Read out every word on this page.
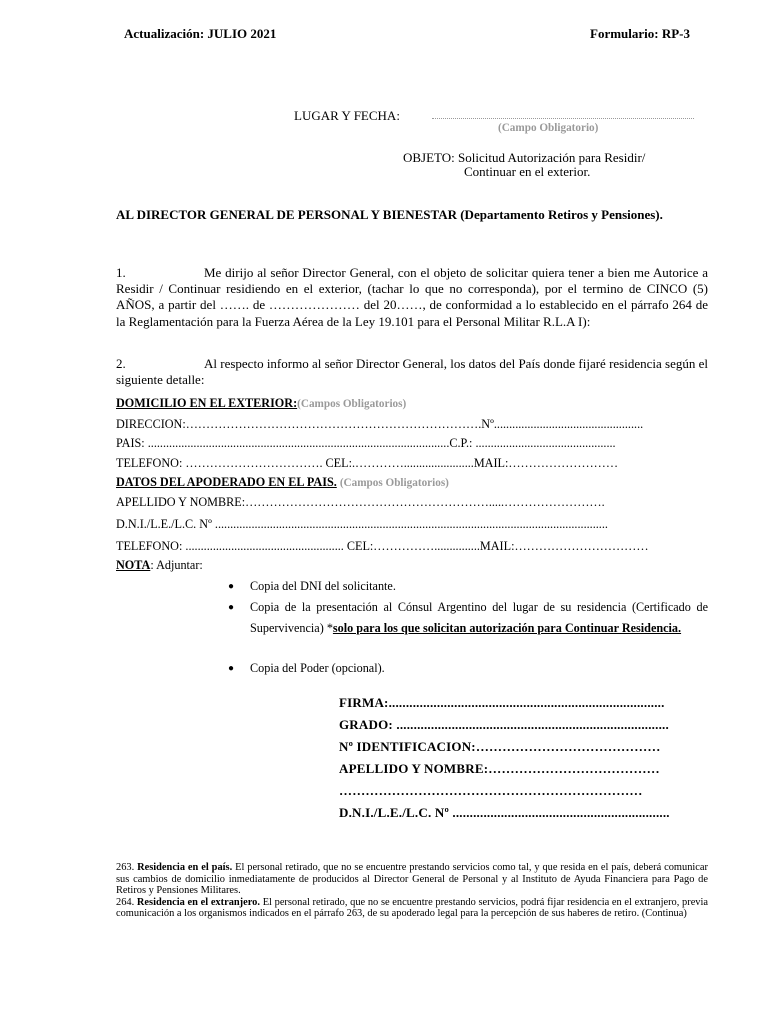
Actualización: JULIO 2021	Formulario: RP-3
LUGAR Y FECHA:
(Campo Obligatorio)
OBJETO: Solicitud Autorización para Residir/
Continuar en el exterior.
AL DIRECTOR GENERAL DE PERSONAL Y BIENESTAR (Departamento Retiros y Pensiones).
1.	Me dirijo al señor Director General, con el objeto de solicitar quiera tener a bien me Autorice a Residir / Continuar residiendo en el exterior, (tachar lo que no corresponda), por el termino de CINCO (5) AÑOS, a partir del ……. de ………………… del 20……, de conformidad a lo establecido en el párrafo 264 de la Reglamentación para la Fuerza Aérea de la Ley 19.101 para el Personal Militar R.L.A I):
2.	Al respecto informo al señor Director General, los datos del País donde fijaré residencia según el siguiente detalle:
DOMICILIO EN EL EXTERIOR:(Campos Obligatorios)
DIRECCION:……………………………………………………………….Nº.................................................
PAIS: ...................................................................................................C.P.: ..............................................
TELEFONO: ……………………………. CEL:.………….......................MAIL:………………………
DATOS DEL APODERADO EN EL PAIS. (Campos Obligatorios)
APELLIDO Y NOMBRE:…………………………………………………….....…………………….
D.N.I./L.E./L.C. Nº .................................................................................................................................
TELEFONO: .................................................... CEL:……………...............MAIL:……………………………
NOTA: Adjuntar:
● Copia del DNI del solicitante.
● Copia de la presentación al Cónsul Argentino del lugar de su residencia (Certificado de Supervivencia) *solo para los que solicitan autorización para Continuar Residencia.
● Copia del Poder (opcional).
FIRMA:................................................................................
GRADO: ...............................................................................
Nº IDENTIFICACION:……………………………………
APELLIDO Y NOMBRE:…………………………………
……………………………………………………………
D.N.I./L.E./L.C. Nº ...............................................................

263. Residencia en el país. El personal retirado, que no se encuentre prestando servicios como tal, y que resida en el país, deberá comunicar sus cambios de domicilio inmediatamente de producidos al Director General de Personal y al Instituto de Ayuda Financiera para Pago de Retiros y Pensiones Militares.

264. Residencia en el extranjero. El personal retirado, que no se encuentre prestando servicios, podrá fijar residencia en el extranjero, previa comunicación a los organismos indicados en el párrafo 263, de su apoderado legal para la percepción de sus haberes de retiro. (Continua)
